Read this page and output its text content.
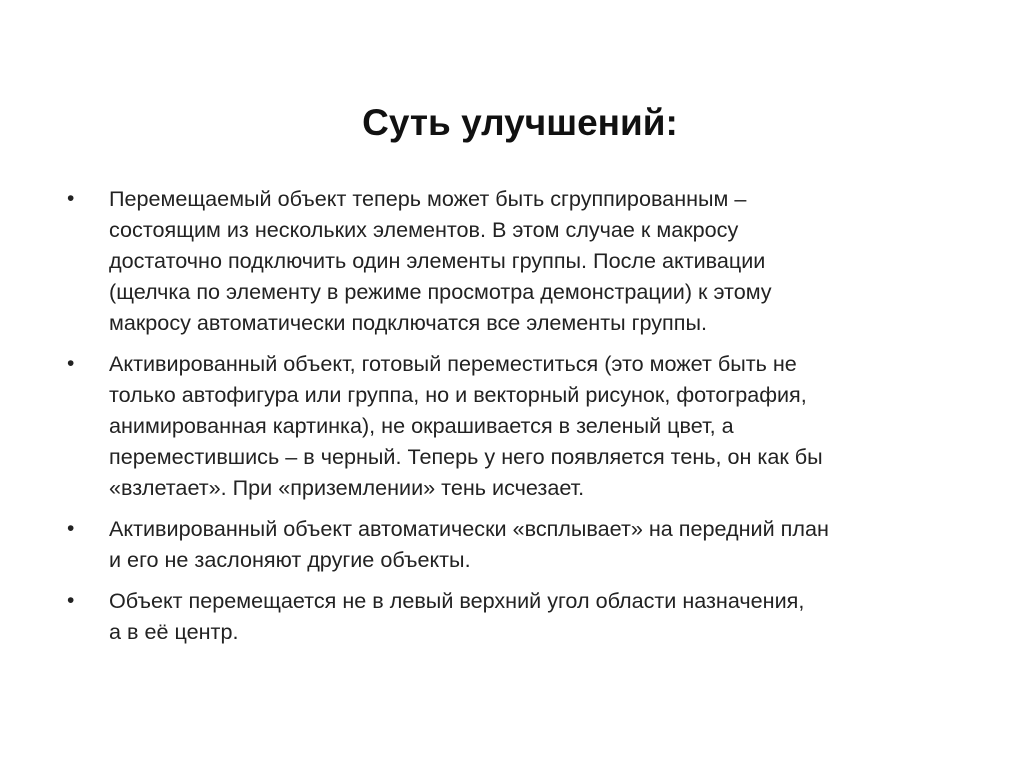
Суть улучшений:
• Перемещаемый объект теперь может быть сгруппированным –
состоящим из нескольких элементов. В этом случае к макросу
достаточно подключить один элементы группы. После активации
(щелчка по элементу в режиме просмотра демонстрации) к этому
макросу автоматически подключатся все элементы группы.
• Активированный объект, готовый переместиться (это может быть не
только автофигура или группа, но и векторный рисунок, фотография,
анимированная картинка), не окрашивается в зеленый цвет, а
переместившись – в черный. Теперь у него появляется тень, он как бы
«взлетает». При «приземлении» тень исчезает.
• Активированный объект автоматически «всплывает» на передний план
и его не заслоняют другие объекты.
• Объект перемещается не в левый верхний угол области назначения,
а в её центр.
